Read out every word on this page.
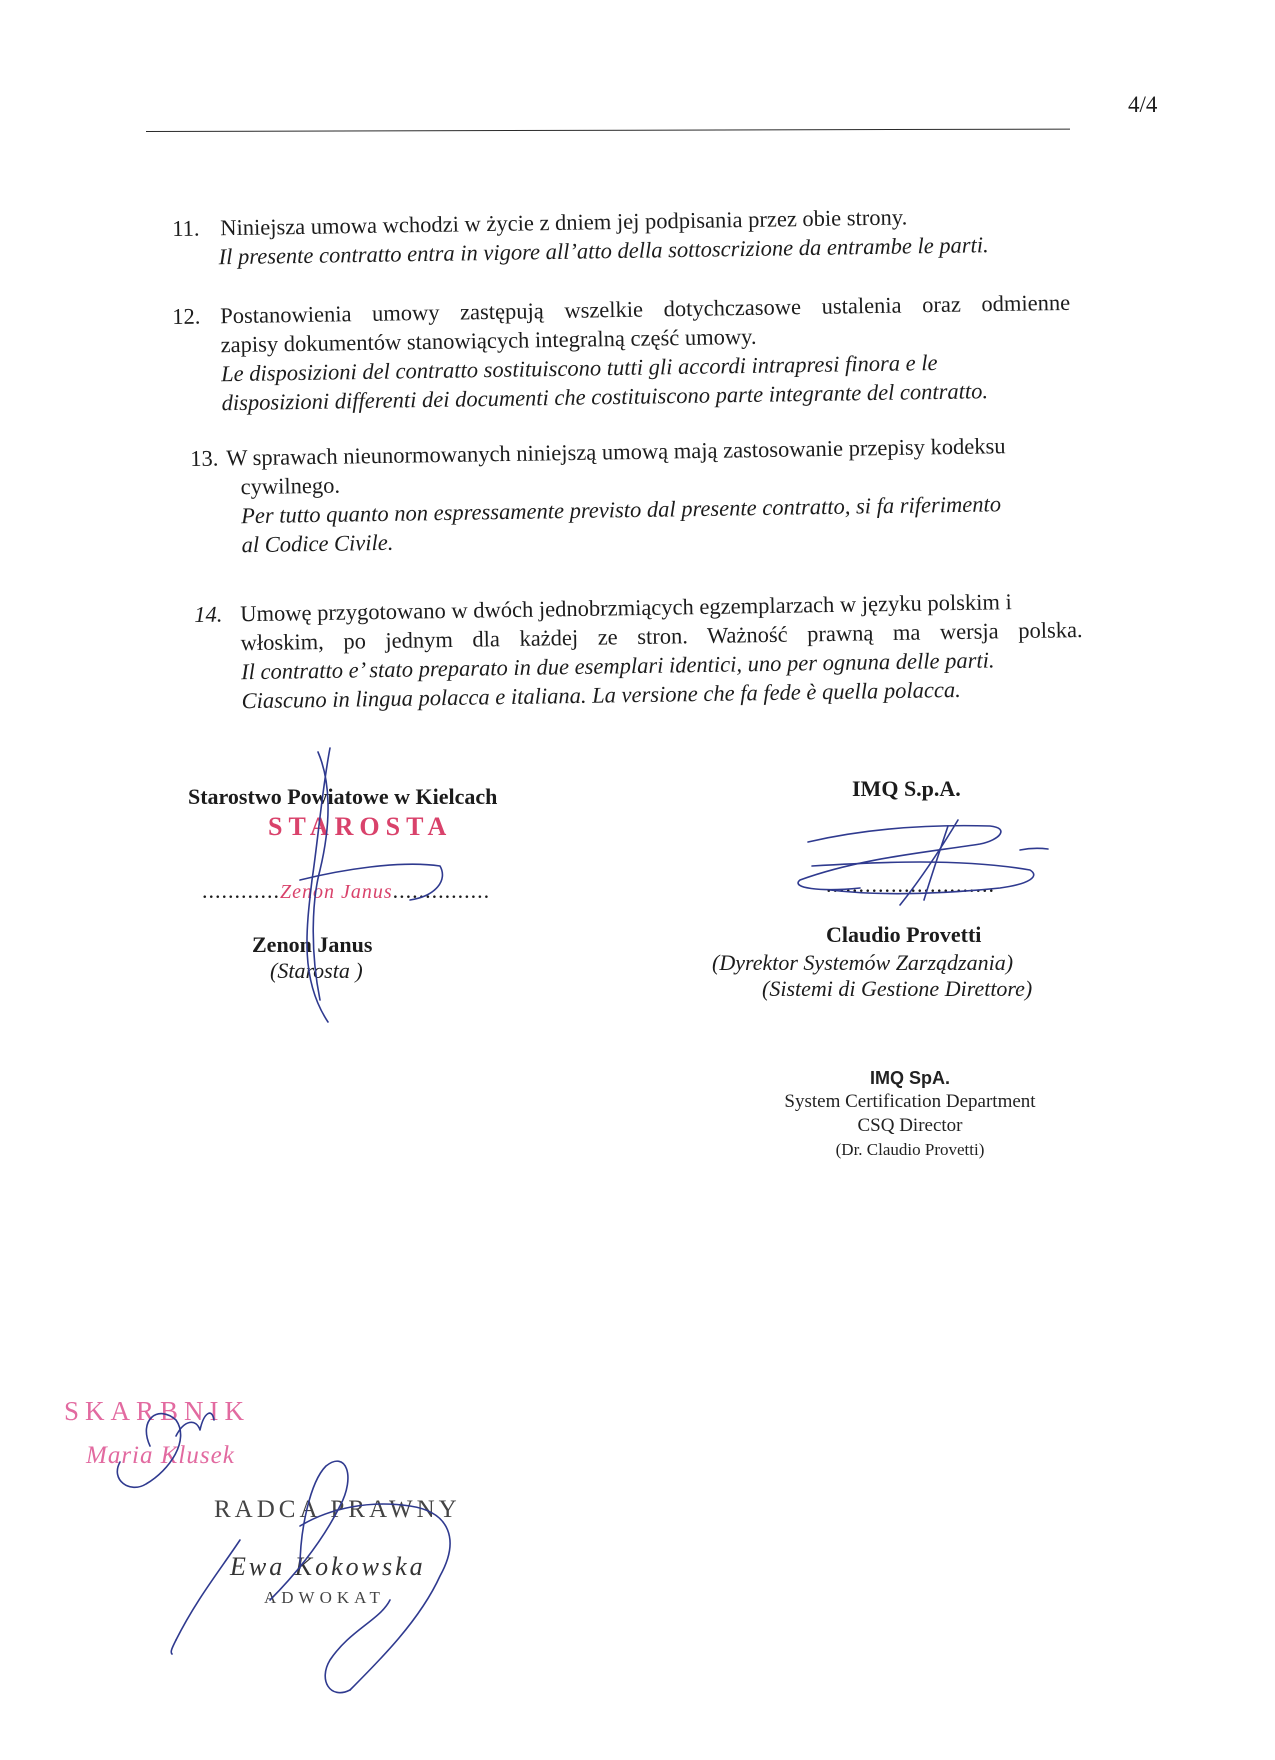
4/4
11. Niniejsza umowa wchodzi w życie z dniem jej podpisania przez obie strony.
Il presente contratto entra in vigore all’atto della sottoscrizione da entrambe le parti.
12. Postanowienia umowy zastępują wszelkie dotychczasowe ustalenia oraz odmienne
zapisy dokumentów stanowiących integralną część umowy.
Le disposizioni del contratto sostituiscono tutti gli accordi intrapresi finora e le
disposizioni differenti dei documenti che costituiscono parte integrante del contratto.
13. W sprawach nieunormowanych niniejszą umową mają zastosowanie przepisy kodeksu
cywilnego.
Per tutto quanto non espressamente previsto dal presente contratto, si fa riferimento
al Codice Civile.
14. Umowę przygotowano w dwóch jednobrzmiących egzemplarzach w języku polskim i
włoskim, po jednym dla każdej ze stron. Ważność prawną ma wersja polska.
Il contratto e’ stato preparato in due esemplari identici, uno per ognuna delle parti.
Ciascuno in lingua polacca e italiana. La versione che fa fede è quella polacca.
Starostwo Powiatowe w Kielcach
STAROSTA
............Zenon Janus...............
Zenon Janus
(Starosta )
IMQ S.p.A.
..........................
Claudio Provetti
(Dyrektor Systemów Zarządzania)
(Sistemi di Gestione Direttore)
IMQ SpA.
System Certification Department
CSQ Director
(Dr. Claudio Provetti)
SKARBNIK
Maria Klusek
RADCA PRAWNY
Ewa Kokowska
ADWOKAT
